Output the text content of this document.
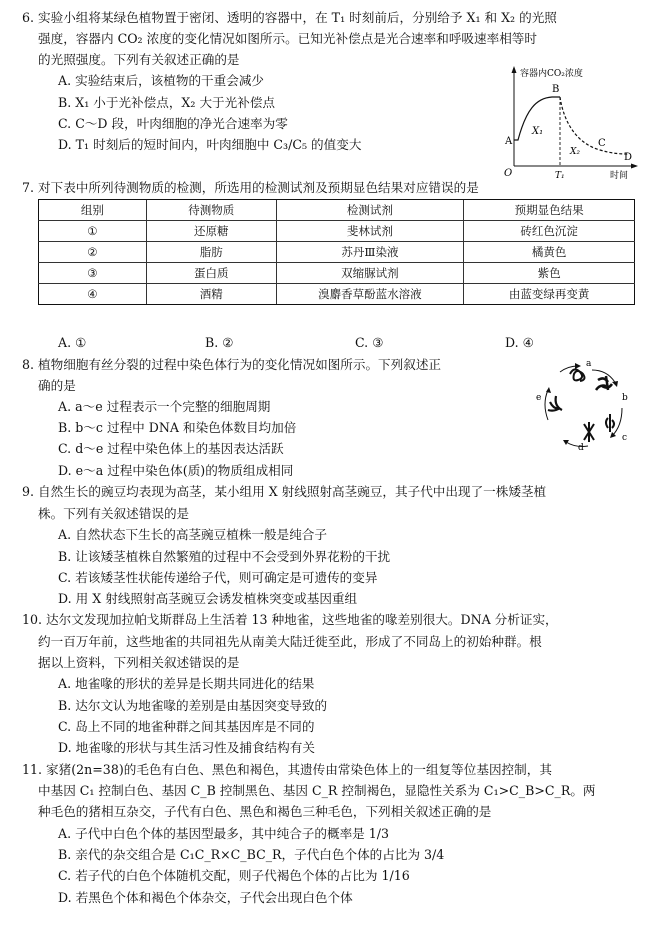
6. 实验小组将某绿色植物置于密闭、透明的容器中，在 T₁ 时刻前后，分别给予 X₁ 和 X₂ 的光照
强度，容器内 CO₂ 浓度的变化情况如图所示。已知光补偿点是光合速率和呼吸速率相等时
的光照强度。下列有关叙述正确的是
A. 实验结束后，该植物的干重会减少
B. X₁ 小于光补偿点，X₂ 大于光补偿点
C. C～D 段，叶肉细胞的净光合速率为零
D. T₁ 时刻后的短时间内，叶肉细胞中 C₃/C₅ 的值变大
容器内CO₂浓度
时间
O	T₁
A
B
C
D
X₁
X₂
7. 对下表中所列待测物质的检测，所选用的检测试剂及预期显色结果对应错误的是
组别	待测物质	检测试剂	预期显色结果
①	还原糖	斐林试剂	砖红色沉淀
②	脂肪	苏丹Ⅲ染液	橘黄色
③	蛋白质	双缩脲试剂	紫色
④	酒精	溴麝香草酚蓝水溶液	由蓝变绿再变黄
A. ①	B. ②	C. ③	D. ④
8. 植物细胞有丝分裂的过程中染色体行为的变化情况如图所示。下列叙述正
确的是
A. a～e 过程表示一个完整的细胞周期
B. b～c 过程中 DNA 和染色体数目均加倍
C. d～e 过程中染色体上的基因表达活跃
D. e～a 过程中染色体(质)的物质组成相同
a
b
c
d
e
9. 自然生长的豌豆均表现为高茎，某小组用 X 射线照射高茎豌豆，其子代中出现了一株矮茎植
株。下列有关叙述错误的是
A. 自然状态下生长的高茎豌豆植株一般是纯合子
B. 让该矮茎植株自然繁殖的过程中不会受到外界花粉的干扰
C. 若该矮茎性状能传递给子代，则可确定是可遗传的变异
D. 用 X 射线照射高茎豌豆会诱发植株突变或基因重组
10. 达尔文发现加拉帕戈斯群岛上生活着 13 种地雀，这些地雀的喙差别很大。DNA 分析证实，
约一百万年前，这些地雀的共同祖先从南美大陆迁徙至此，形成了不同岛上的初始种群。根
据以上资料，下列相关叙述错误的是
A. 地雀喙的形状的差异是长期共同进化的结果
B. 达尔文认为地雀喙的差别是由基因突变导致的
C. 岛上不同的地雀种群之间其基因库是不同的
D. 地雀喙的形状与其生活习性及捕食结构有关
11. 家猪(2n=38)的毛色有白色、黑色和褐色，其遗传由常染色体上的一组复等位基因控制，其
中基因 C₁ 控制白色、基因 C_B 控制黑色、基因 C_R 控制褐色，显隐性关系为 C₁>C_B>C_R。两
种毛色的猪相互杂交，子代有白色、黑色和褐色三种毛色，下列相关叙述正确的是
A. 子代中白色个体的基因型最多，其中纯合子的概率是 1/3
B. 亲代的杂交组合是 C₁C_R×C_BC_R，子代白色个体的占比为 3/4
C. 若子代的白色个体随机交配，则子代褐色个体的占比为 1/16
D. 若黑色个体和褐色个体杂交，子代会出现白色个体
